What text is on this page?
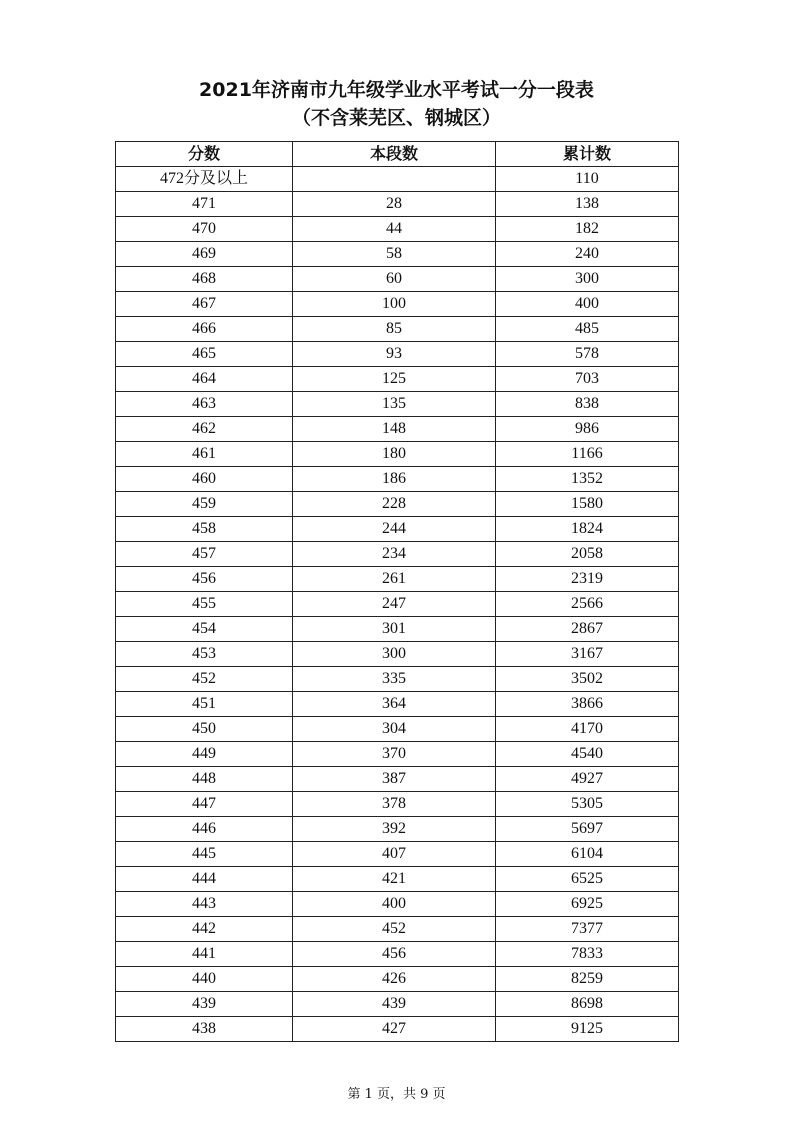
2021年济南市九年级学业水平考试一分一段表
（不含莱芜区、钢城区）
分数	本段数	累计数
472分及以上		110
471	28	138
470	44	182
469	58	240
468	60	300
467	100	400
466	85	485
465	93	578
464	125	703
463	135	838
462	148	986
461	180	1166
460	186	1352
459	228	1580
458	244	1824
457	234	2058
456	261	2319
455	247	2566
454	301	2867
453	300	3167
452	335	3502
451	364	3866
450	304	4170
449	370	4540
448	387	4927
447	378	5305
446	392	5697
445	407	6104
444	421	6525
443	400	6925
442	452	7377
441	456	7833
440	426	8259
439	439	8698
438	427	9125
第 1 页，共 9 页
